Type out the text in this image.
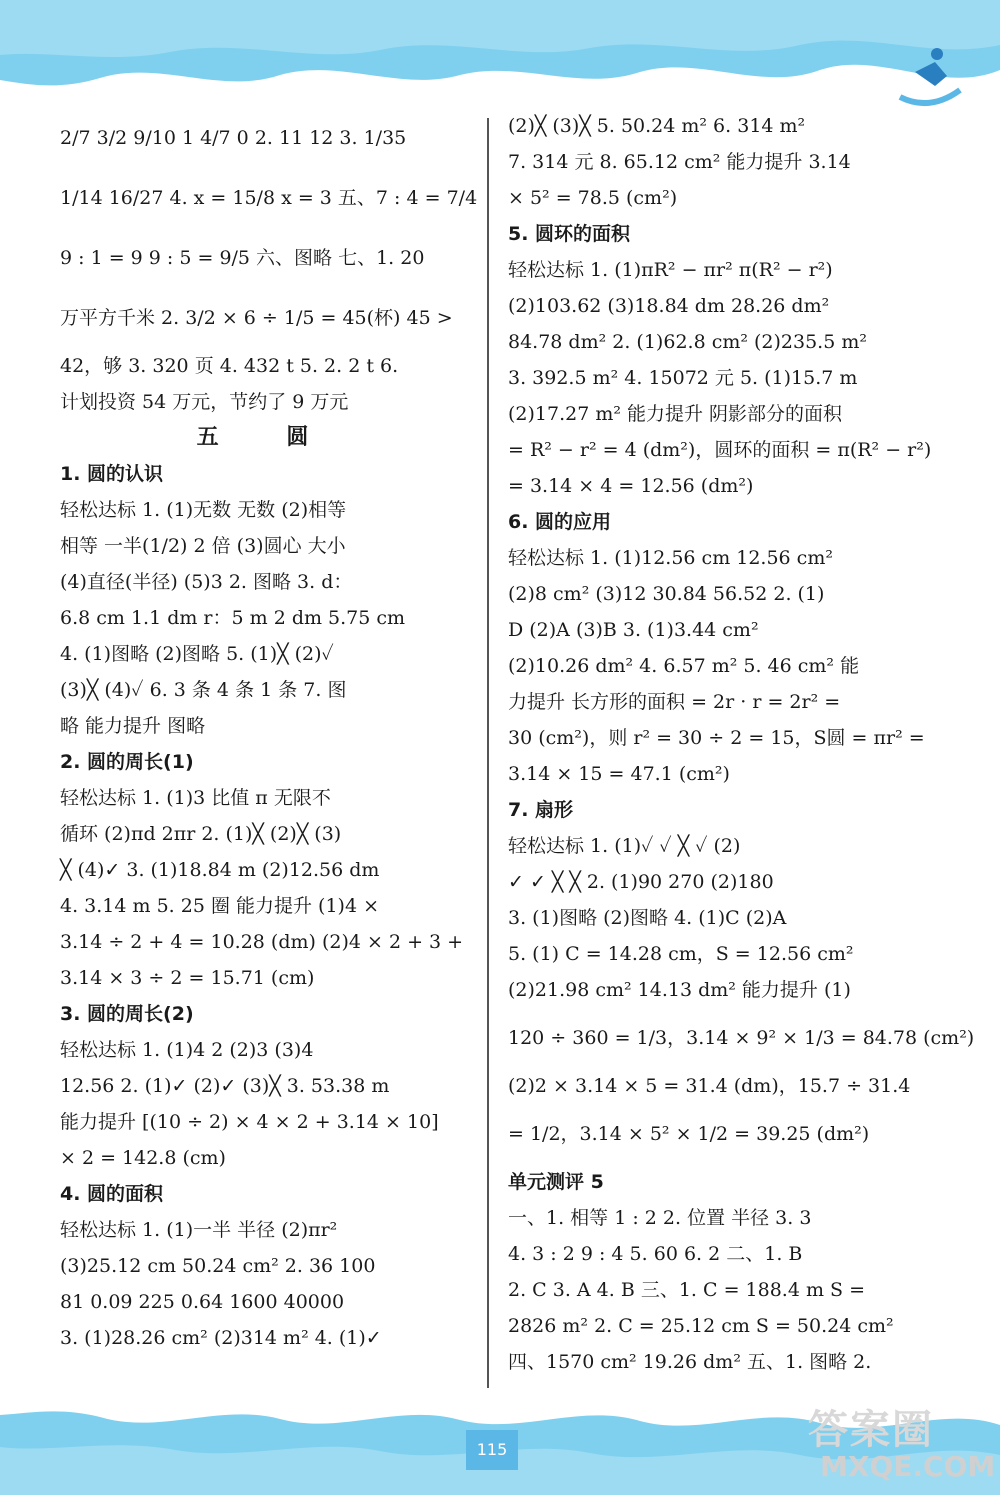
2/7 3/2 9/10 1 4/7 0 2. 11 12 3. 1/35
1/14 16/27 4. x = 15/8 x = 3 五、7 : 4 = 7/4
9 : 1 = 9 9 : 5 = 9/5 六、图略 七、1. 20
万平方千米 2. 3/2 × 6 ÷ 1/5 = 45(杯) 45 >
42，够 3. 320 页 4. 432 t 5. 2. 2 t 6.
计划投资 54 万元，节约了 9 万元
五 圆
1. 圆的认识
轻松达标 1. (1)无数 无数 (2)相等
相等 一半(1/2) 2 倍 (3)圆心 大小
(4)直径(半径) (5)3 2. 图略 3. d：
6.8 cm 1.1 dm r：5 m 2 dm 5.75 cm
4. (1)图略 (2)图略 5. (1)╳ (2)✓
(3)╳ (4)✓ 6. 3 条 4 条 1 条 7. 图
略 能力提升 图略
2. 圆的周长(1)
轻松达标 1. (1)3 比值 π 无限不
循环 (2)πd 2πr 2. (1)╳ (2)╳ (3)
╳ (4)✓ 3. (1)18.84 m (2)12.56 dm
4. 3.14 m 5. 25 圈 能力提升 (1)4 ×
3.14 ÷ 2 + 4 = 10.28 (dm) (2)4 × 2 + 3 +
3.14 × 3 ÷ 2 = 15.71 (cm)
3. 圆的周长(2)
轻松达标 1. (1)4 2 (2)3 (3)4
12.56 2. (1)✓ (2)✓ (3)╳ 3. 53.38 m
能力提升 [(10 ÷ 2) × 4 × 2 + 3.14 × 10]
× 2 = 142.8 (cm)
4. 圆的面积
轻松达标 1. (1)一半 半径 (2)πr²
(3)25.12 cm 50.24 cm² 2. 36 100
81 0.09 225 0.64 1600 40000
3. (1)28.26 cm² (2)314 m² 4. (1)✓
(2)╳ (3)╳ 5. 50.24 m² 6. 314 m²
7. 314 元 8. 65.12 cm² 能力提升 3.14
× 5² = 78.5 (cm²)
5. 圆环的面积
轻松达标 1. (1)πR² − πr² π(R² − r²)
(2)103.62 (3)18.84 dm 28.26 dm²
84.78 dm² 2. (1)62.8 cm² (2)235.5 m²
3. 392.5 m² 4. 15072 元 5. (1)15.7 m
(2)17.27 m² 能力提升 阴影部分的面积
= R² − r² = 4 (dm²)，圆环的面积 = π(R² − r²)
= 3.14 × 4 = 12.56 (dm²)
6. 圆的应用
轻松达标 1. (1)12.56 cm 12.56 cm²
(2)8 cm² (3)12 30.84 56.52 2. (1)
D (2)A (3)B 3. (1)3.44 cm²
(2)10.26 dm² 4. 6.57 m² 5. 46 cm² 能
力提升 长方形的面积 = 2r · r = 2r² =
30 (cm²)，则 r² = 30 ÷ 2 = 15，S圆 = πr² =
3.14 × 15 = 47.1 (cm²)
7. 扇形
轻松达标 1. (1)✓ ✓ ╳ ✓ (2)
✓ ✓ ╳ ╳ 2. (1)90 270 (2)180
3. (1)图略 (2)图略 4. (1)C (2)A
5. (1) C = 14.28 cm，S = 12.56 cm²
(2)21.98 cm² 14.13 dm² 能力提升 (1)
120 ÷ 360 = 1/3，3.14 × 9² × 1/3 = 84.78 (cm²)
(2)2 × 3.14 × 5 = 31.4 (dm)，15.7 ÷ 31.4
= 1/2，3.14 × 5² × 1/2 = 39.25 (dm²)
单元测评 5
一、1. 相等 1 : 2 2. 位置 半径 3. 3
4. 3 : 2 9 : 4 5. 60 6. 2 二、1. B
2. C 3. A 4. B 三、1. C = 188.4 m S =
2826 m² 2. C = 25.12 cm S = 50.24 cm²
四、1570 cm² 19.26 dm² 五、1. 图略 2.
115	答案圈
MXQE.COM
